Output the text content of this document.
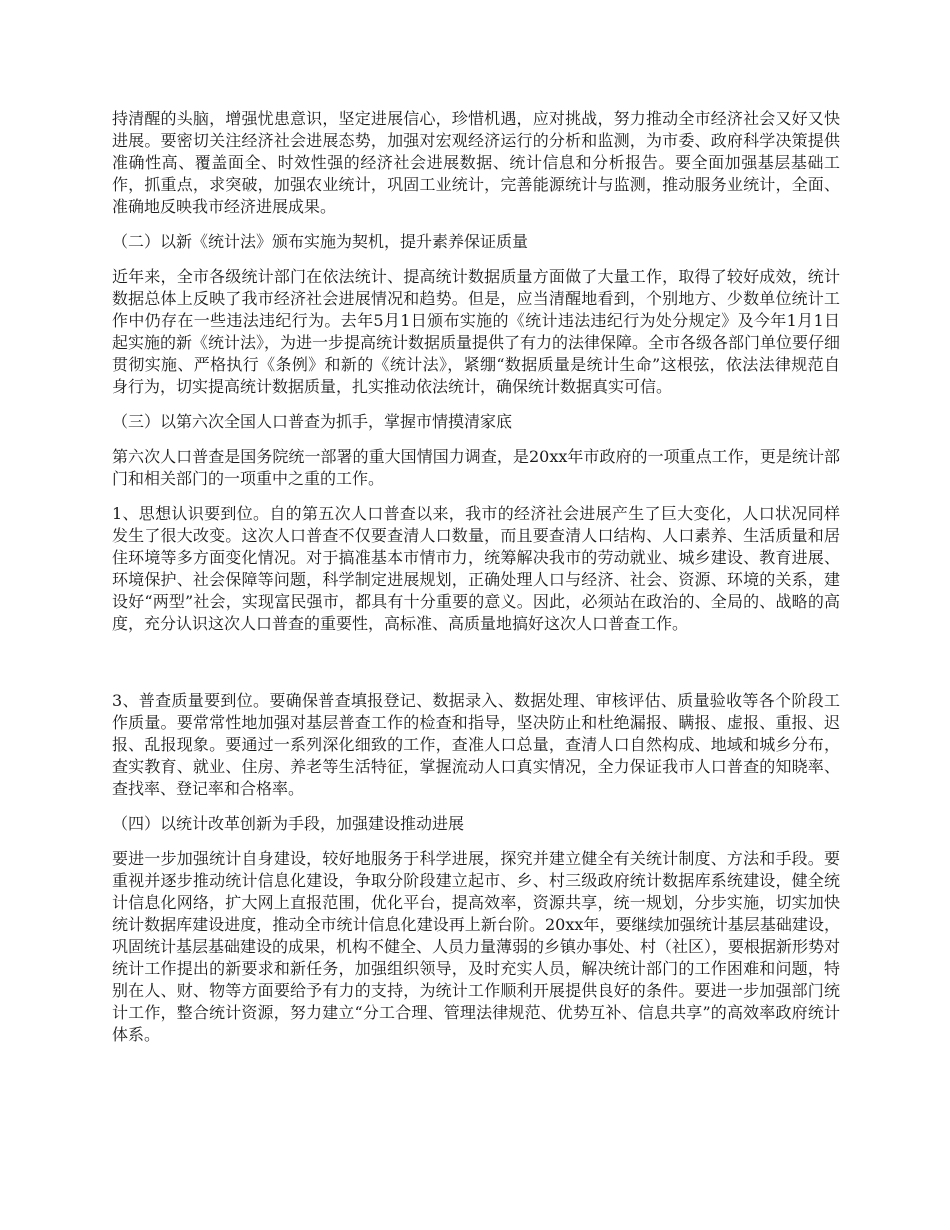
持清醒的头脑，增强忧患意识，坚定进展信心，珍惜机遇，应对挑战，努力推动全市经济社会又好又快进展。要密切关注经济社会进展态势，加强对宏观经济运行的分析和监测，为市委、政府科学决策提供准确性高、覆盖面全、时效性强的经济社会进展数据、统计信息和分析报告。要全面加强基层基础工作，抓重点，求突破，加强农业统计，巩固工业统计，完善能源统计与监测，推动服务业统计，全面、准确地反映我市经济进展成果。

（二）以新《统计法》颁布实施为契机，提升素养保证质量

近年来，全市各级统计部门在依法统计、提高统计数据质量方面做了大量工作，取得了较好成效，统计数据总体上反映了我市经济社会进展情况和趋势。但是，应当清醒地看到，个别地方、少数单位统计工作中仍存在一些违法违纪行为。去年5月1日颁布实施的《统计违法违纪行为处分规定》及今年1月1日起实施的新《统计法》，为进一步提高统计数据质量提供了有力的法律保障。全市各级各部门单位要仔细贯彻实施、严格执行《条例》和新的《统计法》，紧绷“数据质量是统计生命”这根弦，依法法律规范自身行为，切实提高统计数据质量，扎实推动依法统计，确保统计数据真实可信。

（三）以第六次全国人口普查为抓手，掌握市情摸清家底

第六次人口普查是国务院统一部署的重大国情国力调查，是20xx年市政府的一项重点工作，更是统计部门和相关部门的一项重中之重的工作。

1、思想认识要到位。自的第五次人口普查以来，我市的经济社会进展产生了巨大变化，人口状况同样发生了很大改变。这次人口普查不仅要查清人口数量，而且要查清人口结构、人口素养、生活质量和居住环境等多方面变化情况。对于搞准基本市情市力，统筹解决我市的劳动就业、城乡建设、教育进展、环境保护、社会保障等问题，科学制定进展规划，正确处理人口与经济、社会、资源、环境的关系，建设好“两型”社会，实现富民强市，都具有十分重要的意义。因此，必须站在政治的、全局的、战略的高度，充分认识这次人口普查的重要性，高标准、高质量地搞好这次人口普查工作。

3、普查质量要到位。要确保普查填报登记、数据录入、数据处理、审核评估、质量验收等各个阶段工作质量。要常常性地加强对基层普查工作的检查和指导，坚决防止和杜绝漏报、瞒报、虚报、重报、迟报、乱报现象。要通过一系列深化细致的工作，查准人口总量，查清人口自然构成、地域和城乡分布，查实教育、就业、住房、养老等生活特征，掌握流动人口真实情况，全力保证我市人口普查的知晓率、查找率、登记率和合格率。

（四）以统计改革创新为手段，加强建设推动进展

要进一步加强统计自身建设，较好地服务于科学进展，探究并建立健全有关统计制度、方法和手段。要重视并逐步推动统计信息化建设，争取分阶段建立起市、乡、村三级政府统计数据库系统建设，健全统计信息化网络，扩大网上直报范围，优化平台，提高效率，资源共享，统一规划，分步实施，切实加快统计数据库建设进度，推动全市统计信息化建设再上新台阶。20xx年，要继续加强统计基层基础建设，巩固统计基层基础建设的成果，机构不健全、人员力量薄弱的乡镇办事处、村（社区），要根据新形势对统计工作提出的新要求和新任务，加强组织领导，及时充实人员，解决统计部门的工作困难和问题，特别在人、财、物等方面要给予有力的支持，为统计工作顺利开展提供良好的条件。要进一步加强部门统计工作，整合统计资源，努力建立“分工合理、管理法律规范、优势互补、信息共享”的高效率政府统计体系。
